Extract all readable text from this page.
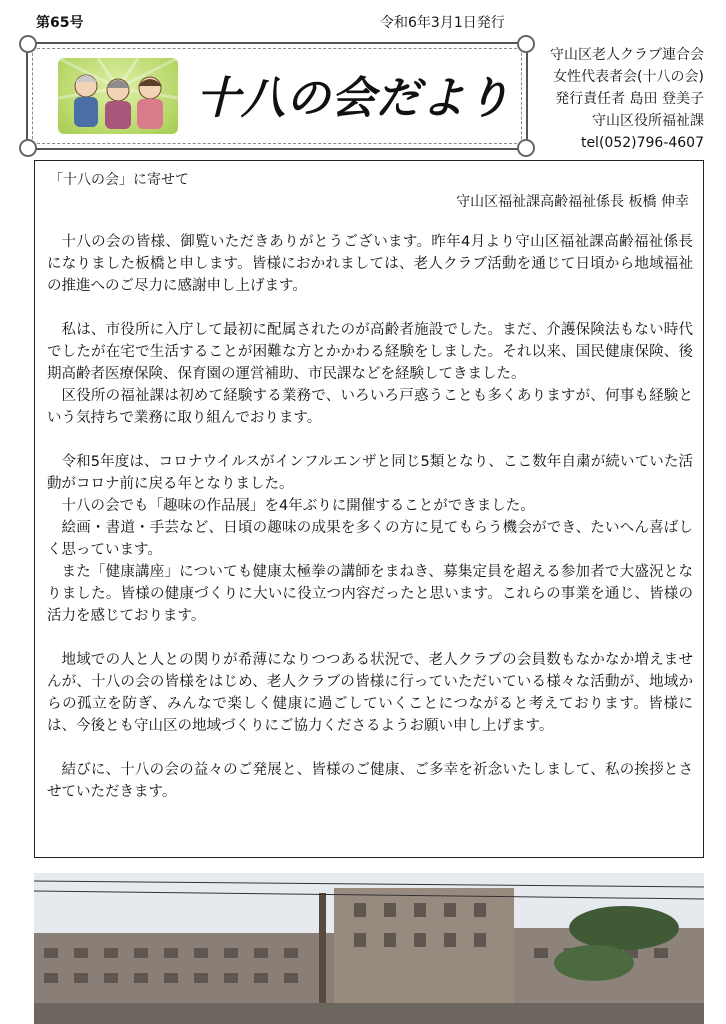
第65号	令和6年3月1日発行
十八の会だより
守山区老人クラブ連合会
女性代表者会(十八の会)
発行責任者 島田 登美子
守山区役所福祉課
tel(052)796-4607
「十八の会」に寄せて
守山区福祉課高齢福祉係長 板橋 伸幸

十八の会の皆様、御覧いただきありがとうございます。昨年4月より守山区福祉課高齢福祉係長になりました板橋と申します。皆様におかれましては、老人クラブ活動を通じて日頃から地域福祉の推進へのご尽力に感謝申し上げます。

私は、市役所に入庁して最初に配属されたのが高齢者施設でした。まだ、介護保険法もない時代でしたが在宅で生活することが困難な方とかかわる経験をしました。それ以来、国民健康保険、後期高齢者医療保険、保育園の運営補助、市民課などを経験してきました。

区役所の福祉課は初めて経験する業務で、いろいろ戸惑うことも多くありますが、何事も経験という気持ちで業務に取り組んでおります。

令和5年度は、コロナウイルスがインフルエンザと同じ5類となり、ここ数年自粛が続いていた活動がコロナ前に戻る年となりました。

十八の会でも「趣味の作品展」を4年ぶりに開催することができました。

絵画・書道・手芸など、日頃の趣味の成果を多くの方に見てもらう機会ができ、たいへん喜ばしく思っています。

また「健康講座」についても健康太極拳の講師をまねき、募集定員を超える参加者で大盛況となりました。皆様の健康づくりに大いに役立つ内容だったと思います。これらの事業を通じ、皆様の活力を感じております。

地域での人と人との関りが希薄になりつつある状況で、老人クラブの会員数もなかなか増えませんが、十八の会の皆様をはじめ、老人クラブの皆様に行っていただいている様々な活動が、地域からの孤立を防ぎ、みんなで楽しく健康に過ごしていくことにつながると考えております。皆様には、今後とも守山区の地域づくりにご協力くださるようお願い申し上げます。

結びに、十八の会の益々のご発展と、皆様のご健康、ご多幸を祈念いたしまして、私の挨拶とさせていただきます。
